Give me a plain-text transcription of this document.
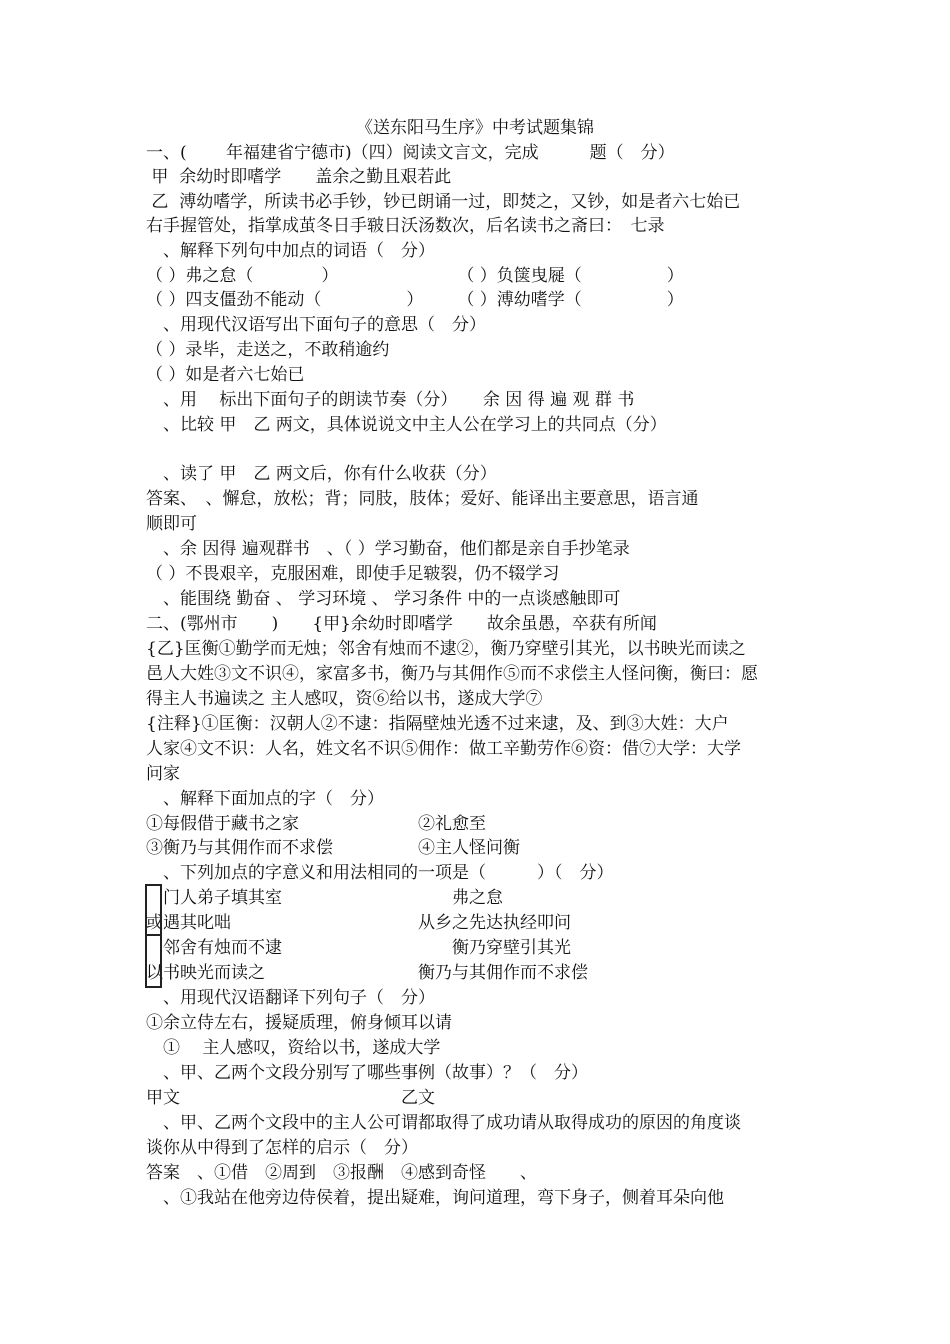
《送东阳马生序》中考试题集锦
一、(　　 年福建省宁德市)（四）阅读文言文，完成　　　题（　分）
甲  余幼时即嗜学　　盖余之勤且艰若此
乙  溥幼嗜学，所读书必手钞，钞已朗诵一过，即焚之，又钞，如是者六七始已
右手握管处，指掌成茧冬日手皲日沃汤数次，后名读书之斋曰：　七录
　、解释下列句中加点的词语（　分）
（ ）弗之怠（　　　　）　　　　　　　　（ ）负箧曳屣（　　　　　）
（ ）四支僵劲不能动（　　　　　）　　　（ ）溥幼嗜学（　　　　　）
　、用现代汉语写出下面句子的意思（　分）
（ ）录毕，走送之，不敢稍逾约
（ ）如是者六七始已
　、用　 标出下面句子的朗读节奏（分）　　余 因 得 遍 观 群 书
　、比较 甲　乙 两文，具体说说文中主人公在学习上的共同点（分）
　、读了 甲　乙 两文后，你有什么收获（分）
答案、　、懈怠，放松；背；同肢，肢体；爱好、能译出主要意思，语言通
顺即可
　、余 因得 遍观群书　、（ ）学习勤奋，他们都是亲自手抄笔录
（ ）不畏艰辛，克服困难，即使手足皲裂，仍不辍学习
　、能围绕 勤奋 、 学习环境 、 学习条件 中的一点谈感触即可
二、(鄂州市　　)　　{甲}余幼时即嗜学　　故余虽愚，卒获有所闻
{乙}匡衡①勤学而无烛；邻舍有烛而不逮②，衡乃穿壁引其光，以书映光而读之
邑人大姓③文不识④，家富多书，衡乃与其佣作⑤而不求偿主人怪问衡，衡曰：愿
得主人书遍读之 主人感叹，资⑥给以书，遂成大学⑦
{注释}①匡衡：汉朝人②不逮：指隔壁烛光透不过来逮，及、到③大姓：大户
人家④文不识：人名，姓文名不识⑤佣作：做工辛勤劳作⑥资：借⑦大学：大学
问家
　、解释下面加点的字（　分）
①每假借于藏书之家　　　　　　　②礼愈至
③衡乃与其佣作而不求偿　　　　　④主人怪问衡
　、下列加点的字意义和用法相同的一项是（　　　）（　分）
　门人弟子填其室　　　　　　　　　　弗之怠
或遇其叱咄　　　　　　　　　　　从乡之先达执经叩问
　邻舍有烛而不逮　　　　　　　　　　衡乃穿壁引其光
以书映光而读之　　　　　　　　　衡乃与其佣作而不求偿
　、用现代汉语翻译下列句子（　分）
①余立侍左右，援疑质理，俯身倾耳以请
　①　 主人感叹，资给以书，遂成大学
　、甲、乙两个文段分别写了哪些事例（故事）？（　分）
甲文　　　　　　　　　　　　　乙文
　、甲、乙两个文段中的主人公可谓都取得了成功请从取得成功的原因的角度谈
谈你从中得到了怎样的启示（　分）
答案　、①借　②周到　③报酬　④感到奇怪　　、
　、①我站在他旁边侍侯着，提出疑难，询问道理，弯下身子，侧着耳朵向他
